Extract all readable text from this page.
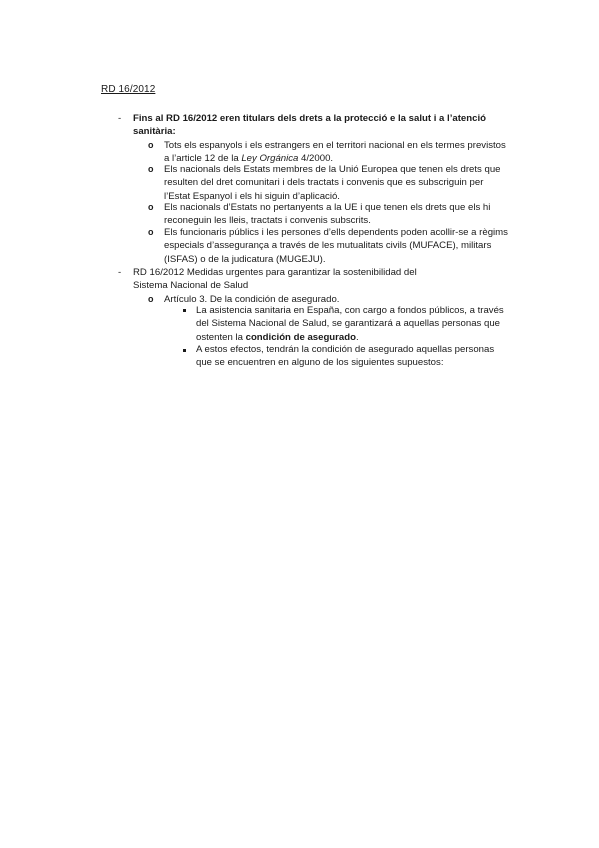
RD 16/2012
- Fins al RD 16/2012 eren titulars dels drets a la protecció e la salut i a l’atenció sanitària:
o Tots els espanyols i els estrangers en el territori nacional en els termes previstos a l’article 12 de la Ley Orgánica 4/2000.
o Els nacionals dels Estats membres de la Unió Europea que tenen els drets que resulten del dret comunitari i dels tractats i convenis que es subscriguin per l’Estat Espanyol i els hi siguin d’aplicació.
o Els nacionals d’Estats no pertanyents a la UE i que tenen els drets que els hi reconeguin les lleis, tractats i convenis subscrits.
o Els funcionaris públics i les persones d’ells dependents poden acollir-se a règims especials d’assegurança a través de les mutualitats civils (MUFACE), militars (ISFAS) o de la judicatura (MUGEJU).
- RD 16/2012 Medidas urgentes para garantizar la sostenibilidad del Sistema Nacional de Salud
o Artículo 3. De la condición de asegurado.
La asistencia sanitaria en España, con cargo a fondos públicos, a través del Sistema Nacional de Salud, se garantizará a aquellas personas que ostenten la condición de asegurado.
A estos efectos, tendrán la condición de asegurado aquellas personas que se encuentren en alguno de los siguientes supuestos:
